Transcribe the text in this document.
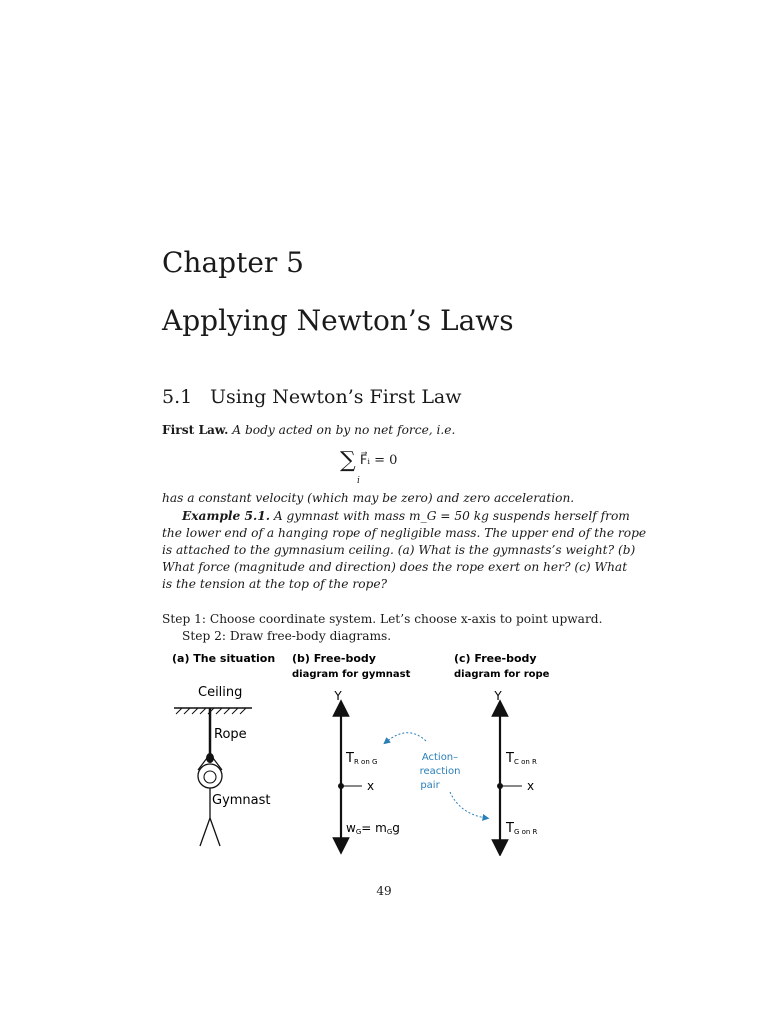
Chapter 5
Applying Newton’s Laws
5.1 Using Newton’s First Law
First Law. A body acted on by no net force, i.e.
∑
i
F⃗ᵢ = 0
has a constant velocity (which may be zero) and zero acceleration.
Example 5.1. A gymnast with mass m_G = 50 kg suspends herself from
the lower end of a hanging rope of negligible mass. The upper end of the rope
is attached to the gymnasium ceiling. (a) What is the gymnasts’s weight? (b)
What force (magnitude and direction) does the rope exert on her? (c) What
is the tension at the top of the rope?
Step 1: Choose coordinate system. Let’s choose x-axis to point upward.
Step 2: Draw free-body diagrams.
(a) The situation (b) Free-body
diagram for gymnast
(c) Free-body
diagram for rope
Ceiling
Rope
Gymnast
Y
x
TR on G
wG= mGg
Action–
reaction
pair
Y
x
TC on R
TG on R
49
